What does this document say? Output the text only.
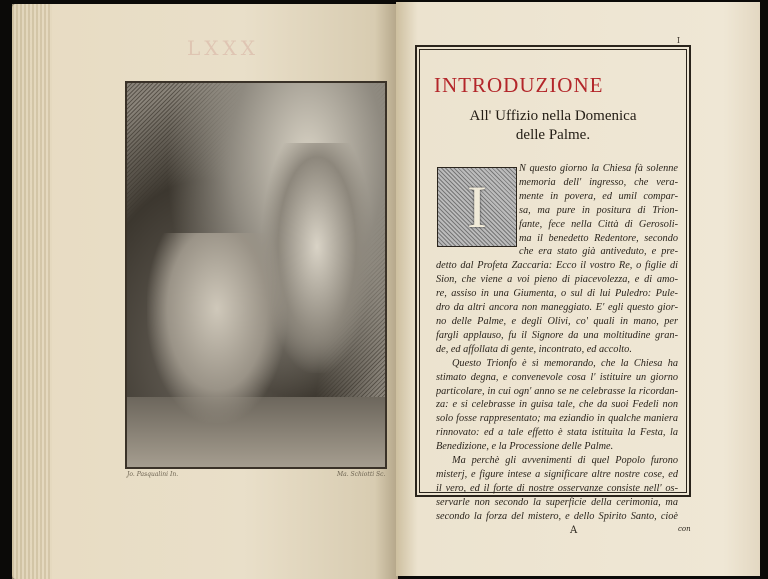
LXXX
Jo. Pasqualini In.	Ma. Schiotti Sc.
I
INTRODUZIONE
All' Uffizio nella Domenica
delle Palme.
I
N questo giorno la Chiesa fà solenne
memoria dell' ingresso, che vera-
mente in povera, ed umil compar-
sa, ma pure in positura di Trion-
fante, fece nella Città di Gerosoli-
ma il benedetto Redentore, secondo
che era stato già antiveduto, e pre-
detto dal Profeta Zaccaria: Ecco il vostro Re, o figlie di
Sion, che viene a voi pieno di piacevolezza, e di amo-
re, assiso in una Giumenta, o sul di lui Puledro: Pule-
dro da altri ancora non maneggiato. E' egli questo gior-
no delle Palme, e degli Olivi, co' quali in mano, per
fargli applauso, fu il Signore da una moltitudine gran-
de, ed affollata di gente, incontrato, ed accolto.
Questo Trionfo è sì memorando, che la Chiesa ha
stimato degna, e convenevole cosa l' istituire un giorno
particolare, in cui ogn' anno se ne celebrasse la ricordan-
za: e si celebrasse in guisa tale, che da suoi Fedeli non
solo fosse rappresentato; ma eziandio in qualche maniera
rinnovato: ed a tale effetto è stata istituita la Festa, la
Benedizione, e la Processione delle Palme.
Ma perchè gli avvenimenti di quel Popolo furono
misterj, e figure intese a significare altre nostre cose, ed
il vero, ed il forte di nostre osservanze consiste nell' os-
servarle non secondo la superficie della cerimonia, ma
secondo la forza del mistero, e dello Spirito Santo, cioè
A	con
